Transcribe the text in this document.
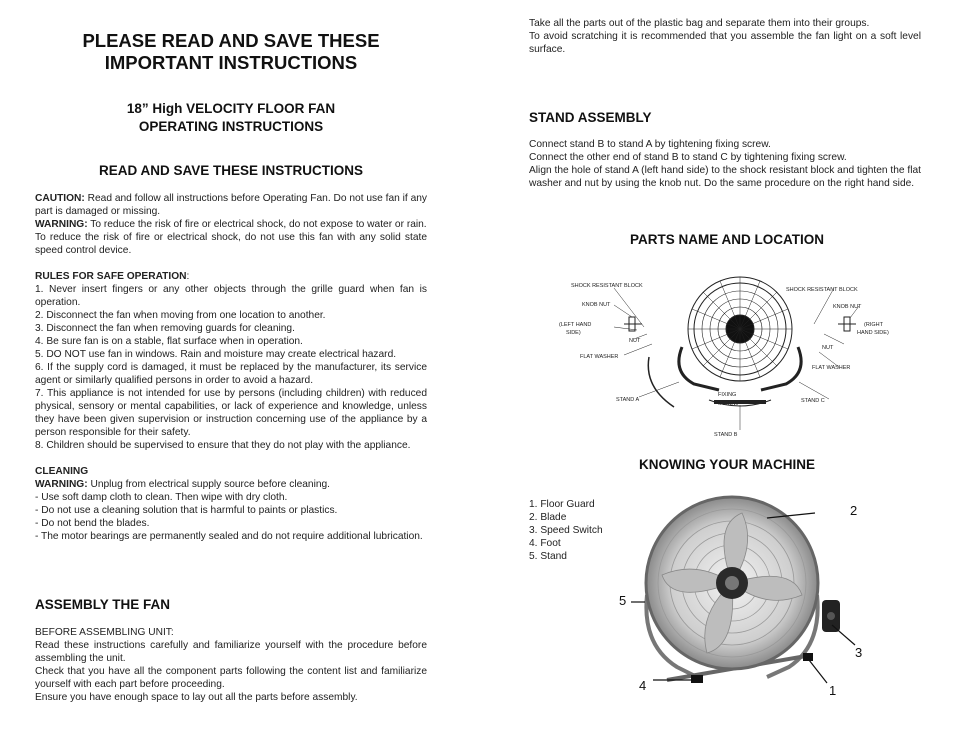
PLEASE READ AND SAVE THESE
IMPORTANT INSTRUCTIONS
18” High VELOCITY FLOOR FAN
OPERATING INSTRUCTIONS
READ AND SAVE THESE INSTRUCTIONS

CAUTION: Read and follow all instructions before Operating Fan. Do not use fan if any part is damaged or missing.

WARNING: To reduce the risk of fire or electrical shock, do not expose to water or rain.

To reduce the risk of fire or electrical shock, do not use this fan with any solid state speed control device.

RULES FOR SAFE OPERATION:

1. Never insert fingers or any other objects through the grille guard when fan is operation.

2. Disconnect the fan when moving from one location to another.

3. Disconnect the fan when removing guards for cleaning.

4. Be sure fan is on a stable, flat surface when in operation.

5. DO NOT use fan in windows. Rain and moisture may create electrical hazard.

6. If the supply cord is damaged, it must be replaced by the manufacturer, its service agent or similarly qualified persons in order to avoid a hazard.

7. This appliance is not intended for use by persons (including children) with reduced physical, sensory or mental capabilities, or lack of experience and knowledge, unless they have been given supervision or instruction concerning use of the appliance by a person responsible for their safety.

8. Children should be supervised to ensure that they do not play with the appliance.

CLEANING

WARNING: Unplug from electrical supply source before cleaning.

- Use soft damp cloth to clean. Then wipe with dry cloth.

- Do not use a cleaning solution that is harmful to paints or plastics.

- Do not bend the blades.

- The motor bearings are permanently sealed and do not require additional lubrication.

ASSEMBLY THE FAN

BEFORE ASSEMBLING UNIT:

Read these instructions carefully and familiarize yourself with the procedure before assembling the unit.

Check that you have all the component parts following the content list and familiarize yourself with each part before proceeding.

Ensure you have enough space to lay out all the parts before assembly.

Take all the parts out of the plastic bag and separate them into their groups.

To avoid scratching it is recommended that you assemble the fan light on a soft level surface.

STAND ASSEMBLY

Connect stand B to stand A by tightening fixing screw.

Connect the other end of stand B to stand C by tightening fixing screw.

Align the hole of stand A (left hand side) to the shock resistant block and tighten the flat washer and nut by using the knob nut. Do the same procedure on the right hand side.

PARTS NAME AND LOCATION
SHOCK RESISTANT BLOCK
KNOB NUT
(LEFT HAND
SIDE)
NUT
FLAT WASHER
STAND A
FIXING
SCREW
STAND B
STAND C
SHOCK RESISTANT BLOCK
KNOB NUT
(RIGHT
HAND SIDE)
NUT
FLAT WASHER
KNOWING YOUR MACHINE

1. Floor Guard

2. Blade

3. Speed Switch

4. Foot

5. Stand

2
3
1
4
5
